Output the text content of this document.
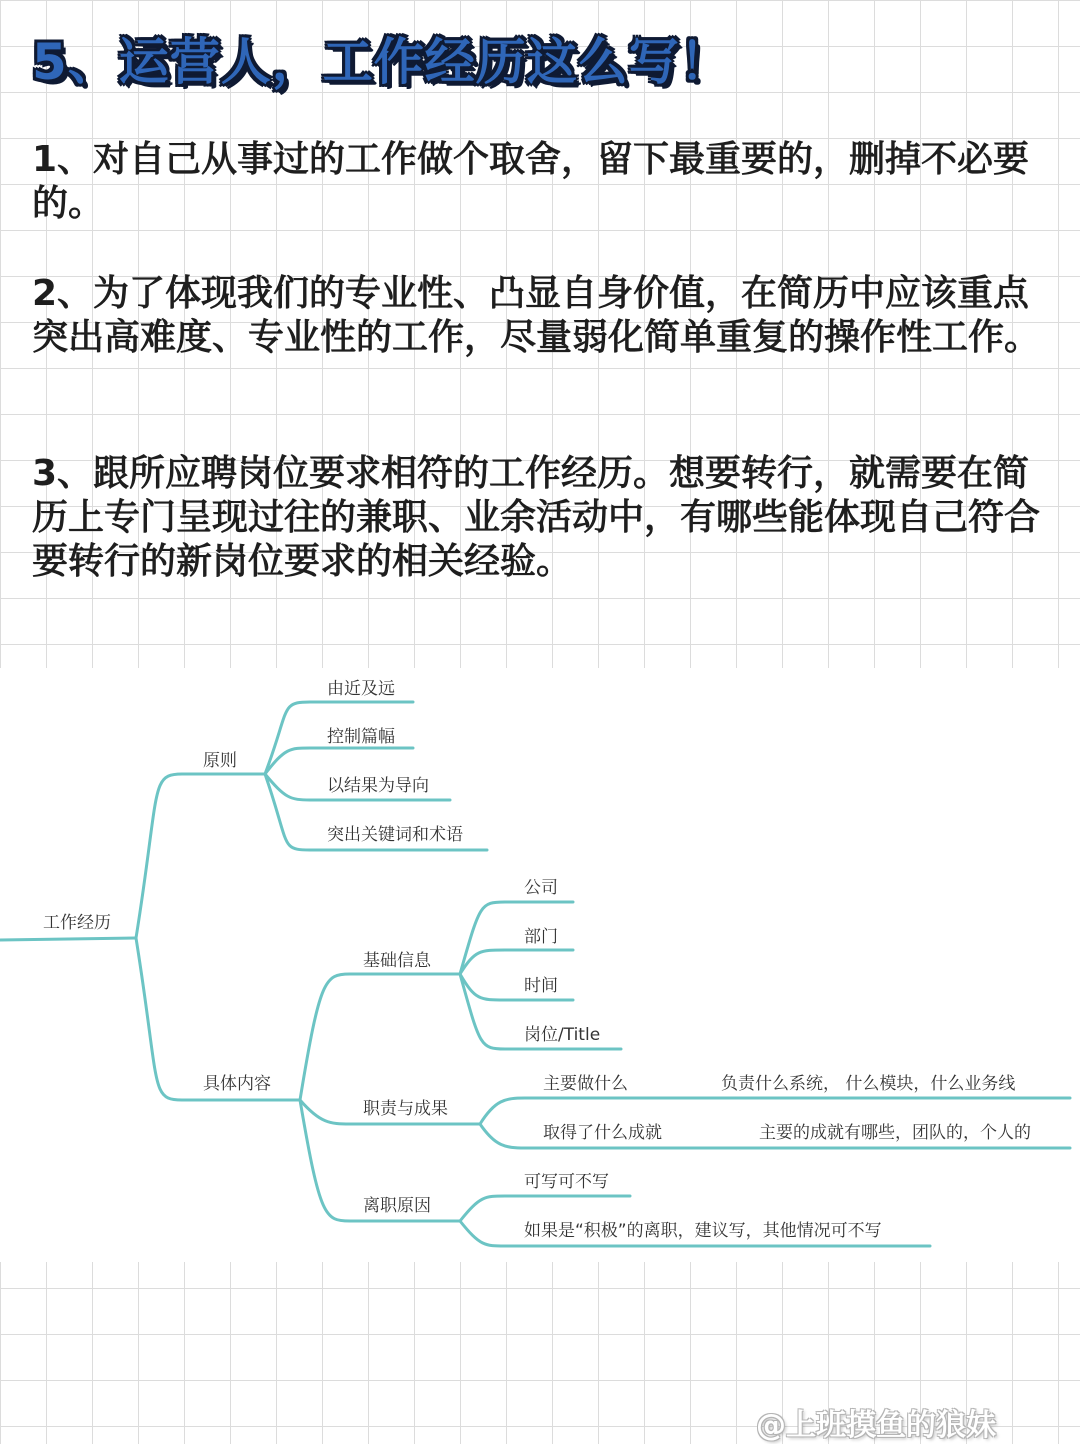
5、运营人，工作经历这么写！

1、对自己从事过的工作做个取舍，留下最重要的，删掉不必要的。

2、为了体现我们的专业性、凸显自身价值，在简历中应该重点突出高难度、专业性的工作，尽量弱化简单重复的操作性工作。

3、跟所应聘岗位要求相符的工作经历。想要转行，就需要在简历上专门呈现过往的兼职、业余活动中，有哪些能体现自己符合要转行的新岗位要求的相关经验。

工作经历
原则
由近及远
控制篇幅
以结果为导向
突出关键词和术语
具体内容
基础信息
公司
部门
时间
岗位/Title
职责与成果
主要做什么	负责什么系统， 什么模块，什么业务线
取得了什么成就	主要的成就有哪些，团队的，个人的
离职原因
可写可不写
如果是“积极”的离职，建议写，其他情况可不写
@上班摸鱼的狼妹
